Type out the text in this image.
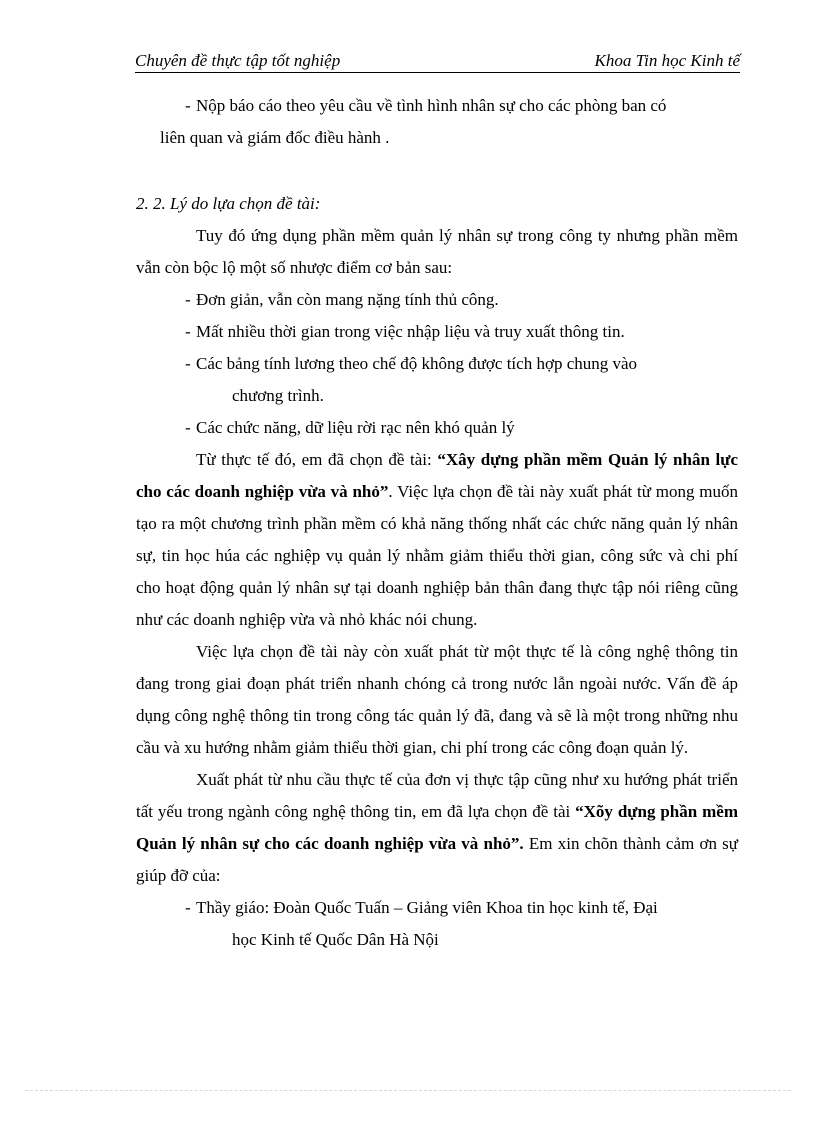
Chuyên đề thực tập tốt nghiệp	Khoa Tin học Kinh tế
- Nộp báo cáo theo yêu cầu về tình hình nhân sự cho các phòng ban có
liên quan và giám đốc điều hành .
2. 2. Lý do lựa chọn đề tài:

Tuy đó ứng dụng phần mềm quản lý nhân sự trong công ty nhưng phần mềm vẫn còn bộc lộ một số nhược điểm cơ bản sau:

- Đơn giản, vẫn còn mang nặng tính thủ công.
- Mất nhiều thời gian trong việc nhập liệu và truy xuất thông tin.
- Các bảng tính lương theo chế độ không được tích hợp chung vào
chương trình.
- Các chức năng, dữ liệu rời rạc nên khó quản lý

Từ thực tế đó, em đã chọn đề tài: “Xây dựng phần mềm Quản lý nhân lực cho các doanh nghiệp vừa và nhỏ”. Việc lựa chọn đề tài này xuất phát từ mong muốn tạo ra một chương trình phần mềm có khả năng thống nhất các chức năng quản lý nhân sự, tin học húa các nghiệp vụ quản lý nhằm giảm thiểu thời gian, công sức và chi phí cho hoạt động quản lý nhân sự tại doanh nghiệp bản thân đang thực tập nói riêng cũng như các doanh nghiệp vừa và nhỏ khác nói chung.

Việc lựa chọn đề tài này còn xuất phát từ một thực tế là công nghệ thông tin đang trong giai đoạn phát triển nhanh chóng cả trong nước lẫn ngoài nước. Vấn đề áp dụng công nghệ thông tin trong công tác quản lý đã, đang và sẽ là một trong những nhu cầu và xu hướng nhằm giảm thiểu thời gian, chi phí trong các công đoạn quản lý.

Xuất phát từ nhu cầu thực tế của đơn vị thực tập cũng như xu hướng phát triển tất yếu trong ngành công nghệ thông tin, em đã lựa chọn đề tài “Xõy dựng phần mềm Quản lý nhân sự cho các doanh nghiệp vừa và nhỏ”. Em xin chõn thành cảm ơn sự giúp đỡ của:

- Thầy giáo: Đoàn Quốc Tuấn – Giảng viên Khoa tin học kinh tế, Đại
học Kinh tế Quốc Dân Hà Nội
